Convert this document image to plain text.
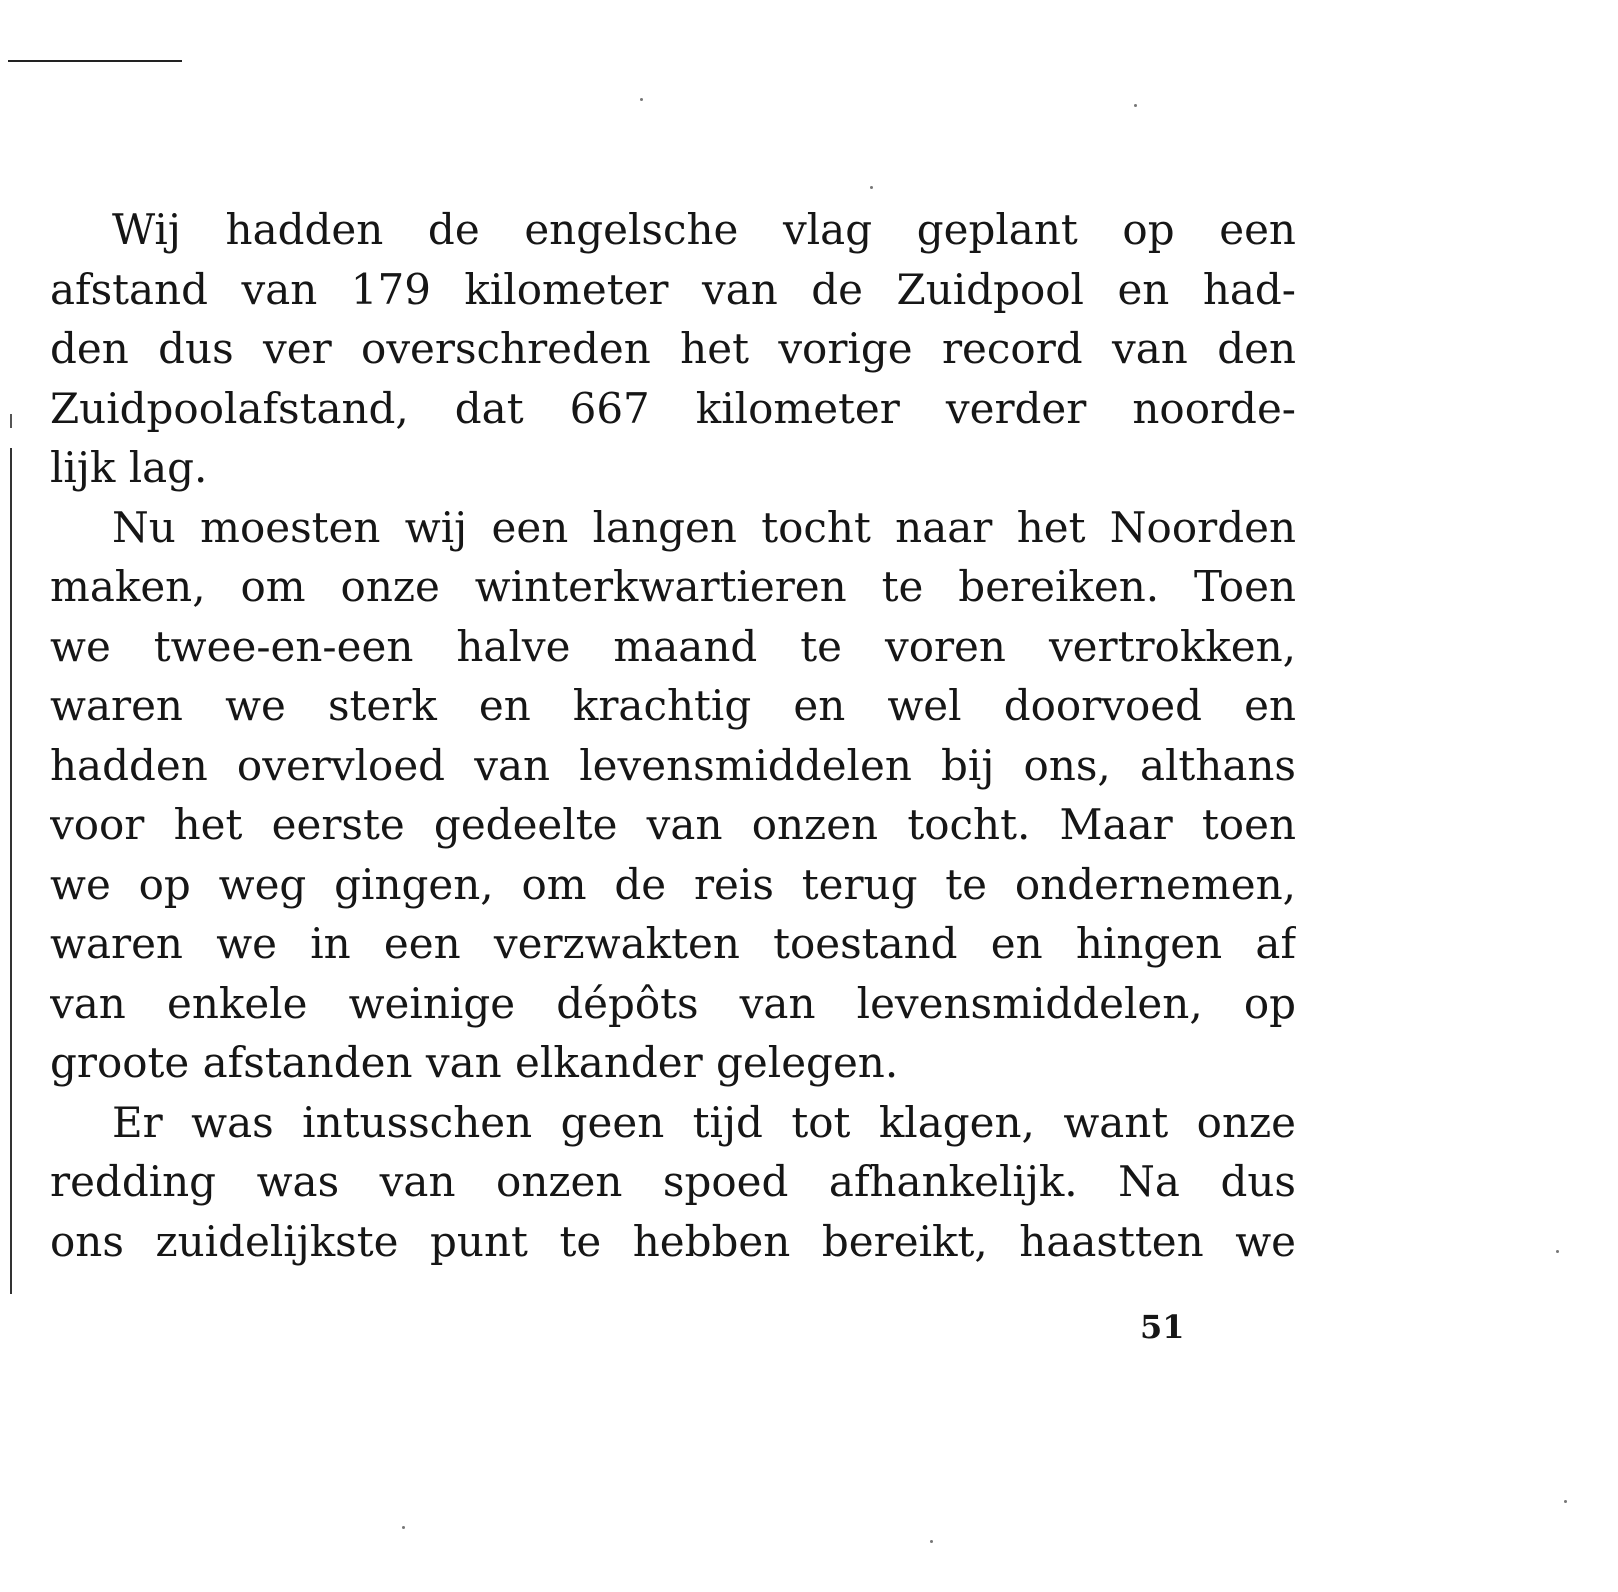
Wij hadden de engelsche vlag geplant op een
afstand van 179 kilometer van de Zuidpool en had-
den dus ver overschreden het vorige record van den
Zuidpoolafstand, dat 667 kilometer verder noorde-
lijk lag.
Nu moesten wij een langen tocht naar het Noorden
maken, om onze winterkwartieren te bereiken. Toen
we twee-en-een halve maand te voren vertrokken,
waren we sterk en krachtig en wel doorvoed en
hadden overvloed van levensmiddelen bij ons, althans
voor het eerste gedeelte van onzen tocht. Maar toen
we op weg gingen, om de reis terug te ondernemen,
waren we in een verzwakten toestand en hingen af
van enkele weinige dépôts van levensmiddelen, op
groote afstanden van elkander gelegen.
Er was intusschen geen tijd tot klagen, want onze
redding was van onzen spoed afhankelijk. Na dus
ons zuidelijkste punt te hebben bereikt, haastten we
51
